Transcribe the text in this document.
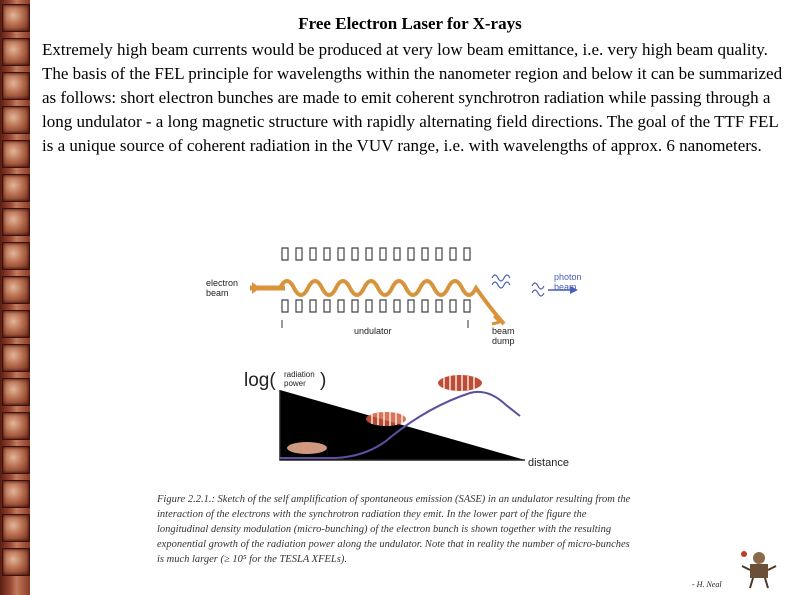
Free Electron Laser for X-rays

Extremely high beam currents would be produced at very low beam emittance, i.e. very high beam quality. The basis of the FEL principle for wavelengths within the nanometer region and below it can be summarized as follows: short electron bunches are made to emit coherent synchrotron radiation while passing through a long undulator - a long magnetic structure with rapidly alternating field directions. The goal of the TTF FEL is a unique source of coherent radiation in the VUV range, i.e. with wavelengths of approx. 6 nanometers.

electron
beam
photon
beam
undulator	beam
dump
log( radiation
power )
distance

Figure 2.2.1.: Sketch of the self amplification of spontaneous emission (SASE) in an undulator resulting from the interaction of the electrons with the synchrotron radiation they emit. In the lower part of the figure the longitudinal density modulation (micro-bunching) of the electron bunch is shown together with the resulting exponential growth of the radiation power along the undulator. Note that in reality the number of micro-bunches is much larger (≥ 10⁵ for the TESLA XFELs).

- H. Neal
